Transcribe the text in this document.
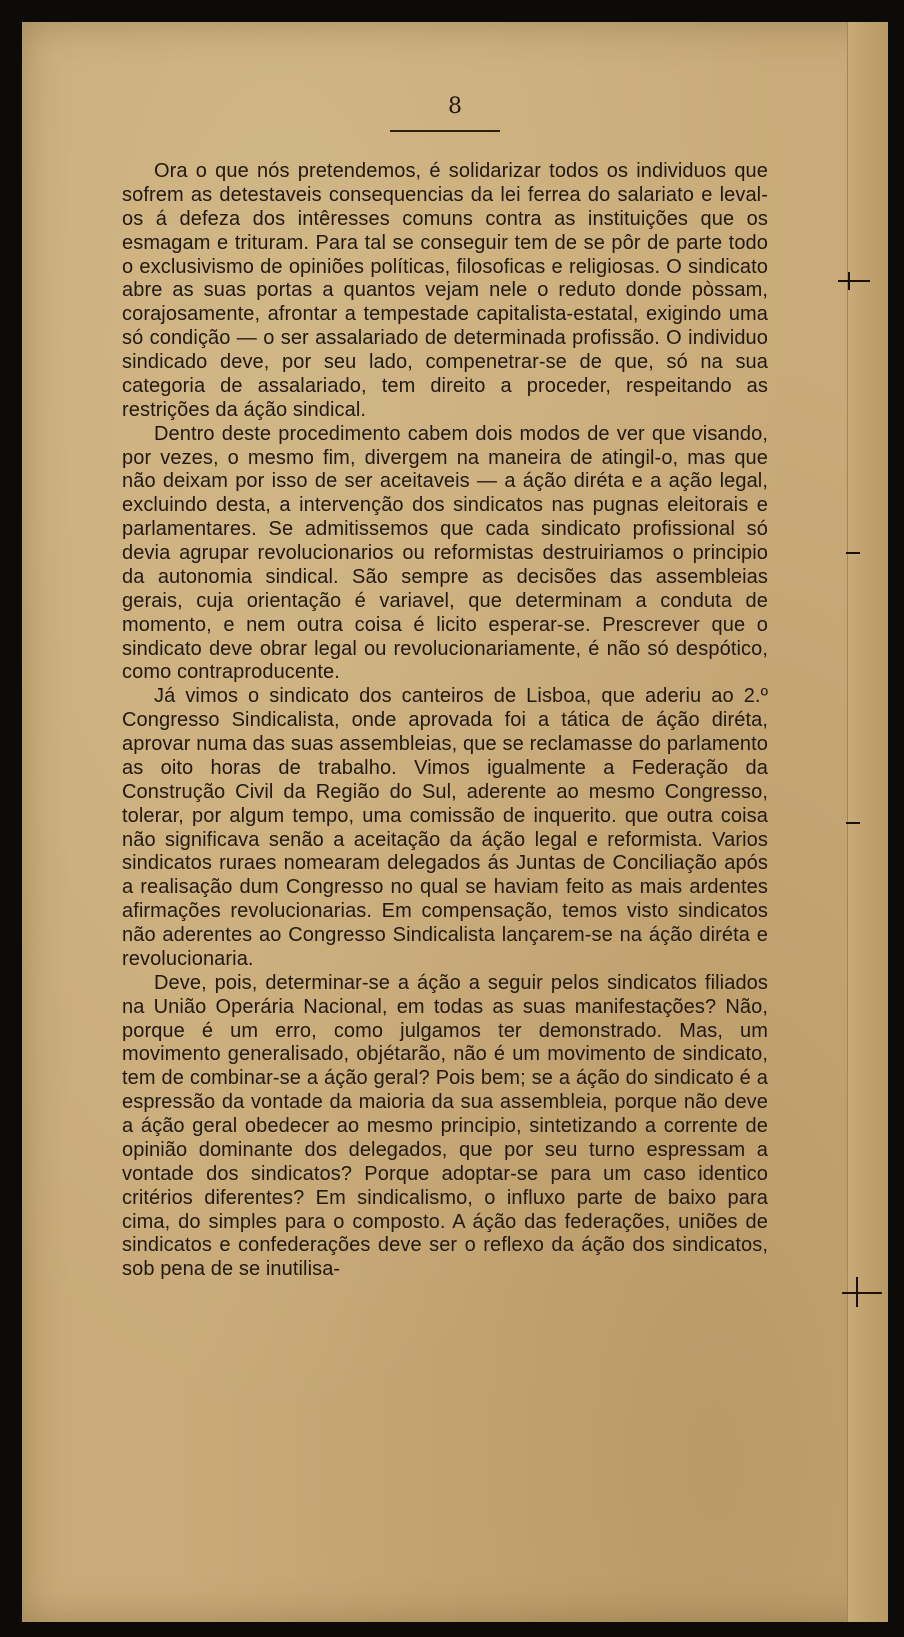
8

Ora o que nós pretendemos, é solidarizar todos os individuos que sofrem as detestaveis consequencias da lei ferrea do salariato e leval-os á defeza dos intêresses comuns contra as instituições que os esmagam e trituram. Para tal se conseguir tem de se pôr de parte todo o exclusivismo de opiniões políticas, filosoficas e religiosas. O sindicato abre as suas portas a quantos vejam nele o reduto donde pòssam, corajosamente, afrontar a tempestade capitalista-estatal, exigindo uma só condição — o ser assalariado de determinada profissão. O individuo sindicado deve, por seu lado, compenetrar-se de que, só na sua categoria de assalariado, tem direito a proceder, respeitando as restrições da áção sindical.

Dentro deste procedimento cabem dois modos de ver que visando, por vezes, o mesmo fim, divergem na maneira de atingil-o, mas que não deixam por isso de ser aceitaveis — a áção diréta e a ação legal, excluindo desta, a intervenção dos sindicatos nas pugnas eleitorais e parlamentares. Se admitissemos que cada sindicato profissional só devia agrupar revolucionarios ou reformistas destruiriamos o principio da autonomia sindical. São sempre as decisões das assembleias gerais, cuja orientação é variavel, que determinam a conduta de momento, e nem outra coisa é licito esperar-se. Prescrever que o sindicato deve obrar legal ou revolucionariamente, é não só despótico, como contraproducente.

Já vimos o sindicato dos canteiros de Lisboa, que aderiu ao 2.º Congresso Sindicalista, onde aprovada foi a tática de áção diréta, aprovar numa das suas assembleias, que se reclamasse do parlamento as oito horas de trabalho. Vimos igualmente a Federação da Construção Civil da Região do Sul, aderente ao mesmo Congresso, tolerar, por algum tempo, uma comissão de inquerito. que outra coisa não significava senão a aceitação da áção legal e reformista. Varios sindicatos ruraes nomearam delegados ás Juntas de Conciliação após a realisação dum Congresso no qual se haviam feito as mais ardentes afirmações revolucionarias. Em compensação, temos visto sindicatos não aderentes ao Congresso Sindicalista lançarem-se na áção diréta e revolucionaria.

Deve, pois, determinar-se a áção a seguir pelos sindicatos filiados na União Operária Nacional, em todas as suas manifestações? Não, porque é um erro, como julgamos ter demonstrado. Mas, um movimento generalisado, objétarão, não é um movimento de sindicato, tem de combinar-se a áção geral? Pois bem; se a áção do sindicato é a espressão da vontade da maioria da sua assembleia, porque não deve a áção geral obedecer ao mesmo principio, sintetizando a corrente de opinião dominante dos delegados, que por seu turno espressam a vontade dos sindicatos? Porque adoptar-se para um caso identico critérios diferentes? Em sindicalismo, o influxo parte de baixo para cima, do simples para o composto. A áção das federações, uniões de sindicatos e confederações deve ser o reflexo da áção dos sindicatos, sob pena de se inutilisa-
